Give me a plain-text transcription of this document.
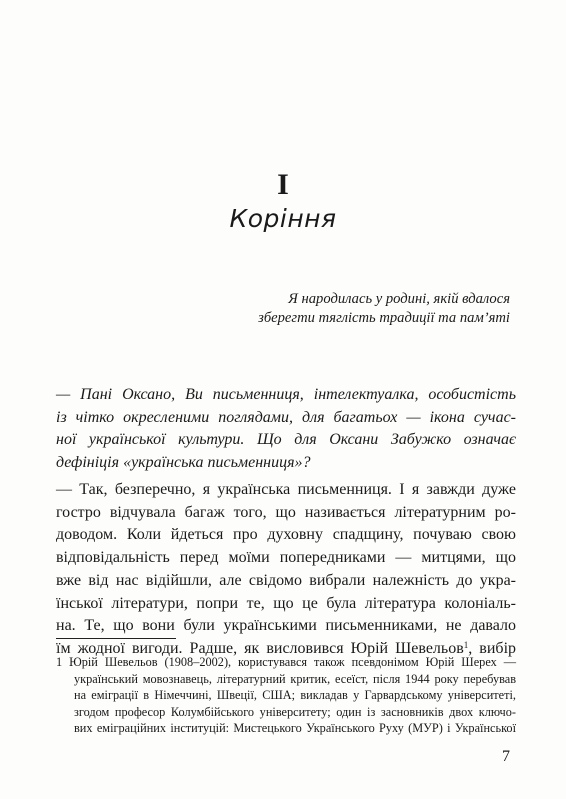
I
Коріння
Я народилась у родині, якій вдалося
зберегти тяглість традиції та пам’яті
— Пані Оксано, Ви письменниця, інтелектуалка, особистість
із чітко окресленими поглядами, для багатьох — ікона сучас-
ної української культури. Що для Оксани Забужко означає
дефініція «українська письменниця»?
— Так, безперечно, я українська письменниця. І я завжди дуже
гостро відчувала багаж того, що називається літературним ро-
доводом. Коли йдеться про духовну спадщину, почуваю свою
відповідальність перед моїми попередниками — митцями, що
вже від нас відійшли, але свідомо вибрали належність до укра-
їнської літератури, попри те, що це була література колоніаль-
на. Те, що вони були українськими письменниками, не давало
їм жодної вигоди. Радше, як висловився Юрій Шевельов$^1$, вибір
1 Юрій Шевельов (1908–2002), користувався також псевдонімом Юрій Шерех —
український мовознавець, літературний критик, есеїст, після 1944 року перебував
на еміграції в Німеччині, Швеції, США; викладав у Гарвардському університеті,
згодом професор Колумбійського університету; один із засновників двох ключо-
вих еміграційних інституцій: Мистецького Українського Руху (МУР) і Української
7
